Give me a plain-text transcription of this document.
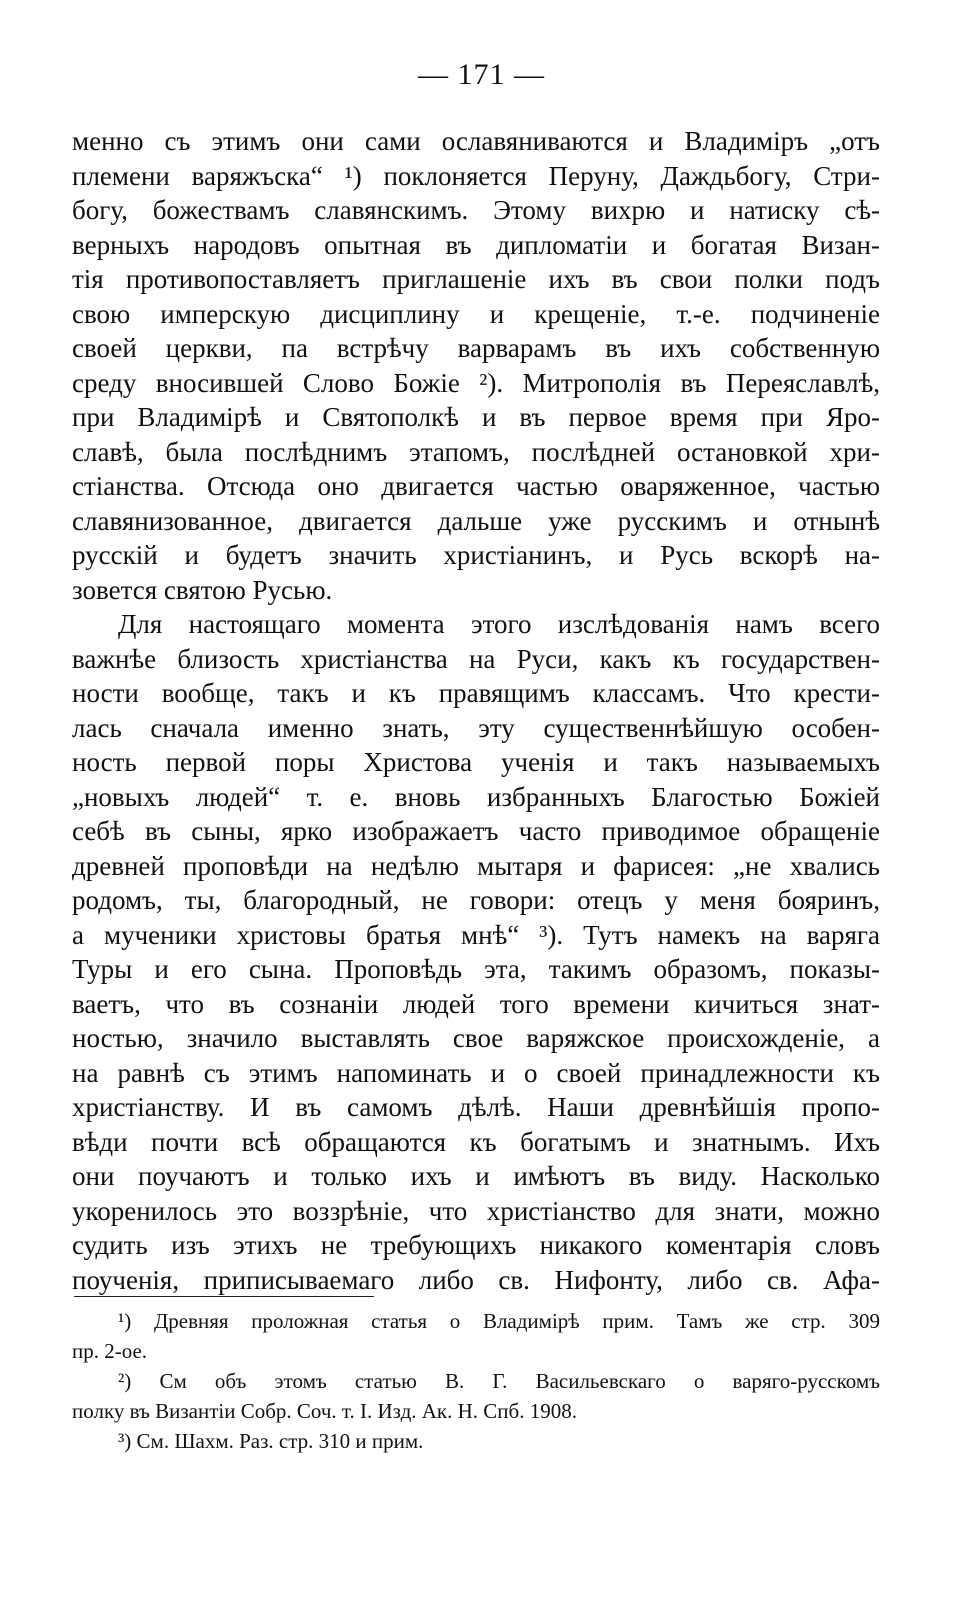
— 171 —
менно съ этимъ они сами ославяниваются и Владиміръ „отъ
племени варяжъска“ ¹) поклоняется Перуну, Даждьбогу, Стри-
богу, божествамъ славянскимъ. Этому вихрю и натиску сѣ-
верныхъ народовъ опытная въ дипломатіи и богатая Визан-
тія противопоставляетъ приглашеніе ихъ въ свои полки подъ
свою имперскую дисциплину и крещеніе, т.-е. подчиненіе
своей церкви, па встрѣчу варварамъ въ ихъ собственную
среду вносившей Слово Божіе ²). Митрополія въ Переяславлѣ,
при Владимірѣ и Святополкѣ и въ первое время при Яро-
славѣ, была послѣднимъ этапомъ, послѣдней остановкой хри-
стіанства. Отсюда оно двигается частью оваряженное, частью
славянизованное, двигается дальше уже русскимъ и отнынѣ
русскій и будетъ значить христіанинъ, и Русь вскорѣ на-
зовется святою Русью.
Для настоящаго момента этого изслѣдованія намъ всего
важнѣе близость христіанства на Руси, какъ къ государствен-
ности вообще, такъ и къ правящимъ классамъ. Что крести-
лась сначала именно знать, эту существеннѣйшую особен-
ность первой поры Христова ученія и такъ называемыхъ
„новыхъ людей“ т. е. вновь избранныхъ Благостью Божіей
себѣ въ сыны, ярко изображаетъ часто приводимое обращеніе
древней проповѣди на недѣлю мытаря и фарисея: „не хвались
родомъ, ты, благородный, не говори: отецъ у меня бояринъ,
а мученики христовы братья мнѣ“ ³). Тутъ намекъ на варяга
Туры и его сына. Проповѣдь эта, такимъ образомъ, показы-
ваетъ, что въ сознаніи людей того времени кичиться знат-
ностью, значило выставлять свое варяжское происхожденіе, а
на равнѣ съ этимъ напоминать и о своей принадлежности къ
христіанству. И въ самомъ дѣлѣ. Наши древнѣйшія пропо-
вѣди почти всѣ обращаются къ богатымъ и знатнымъ. Ихъ
они поучаютъ и только ихъ и имѣютъ въ виду. Насколько
укоренилось это воззрѣніе, что христіанство для знати, можно
судить изъ этихъ не требующихъ никакого коментарія словъ
поученія, приписываемаго либо св. Нифонту, либо св. Афа-
¹) Древняя проложная статья о Владимірѣ прим. Тамъ же стр. 309
пр. 2-ое.
²) См объ этомъ статью В. Г. Васильевскаго о варяго-русскомъ
полку въ Византіи Собр. Соч. т. I. Изд. Ак. Н. Спб. 1908.
³) См. Шахм. Раз. стр. 310 и прим.
